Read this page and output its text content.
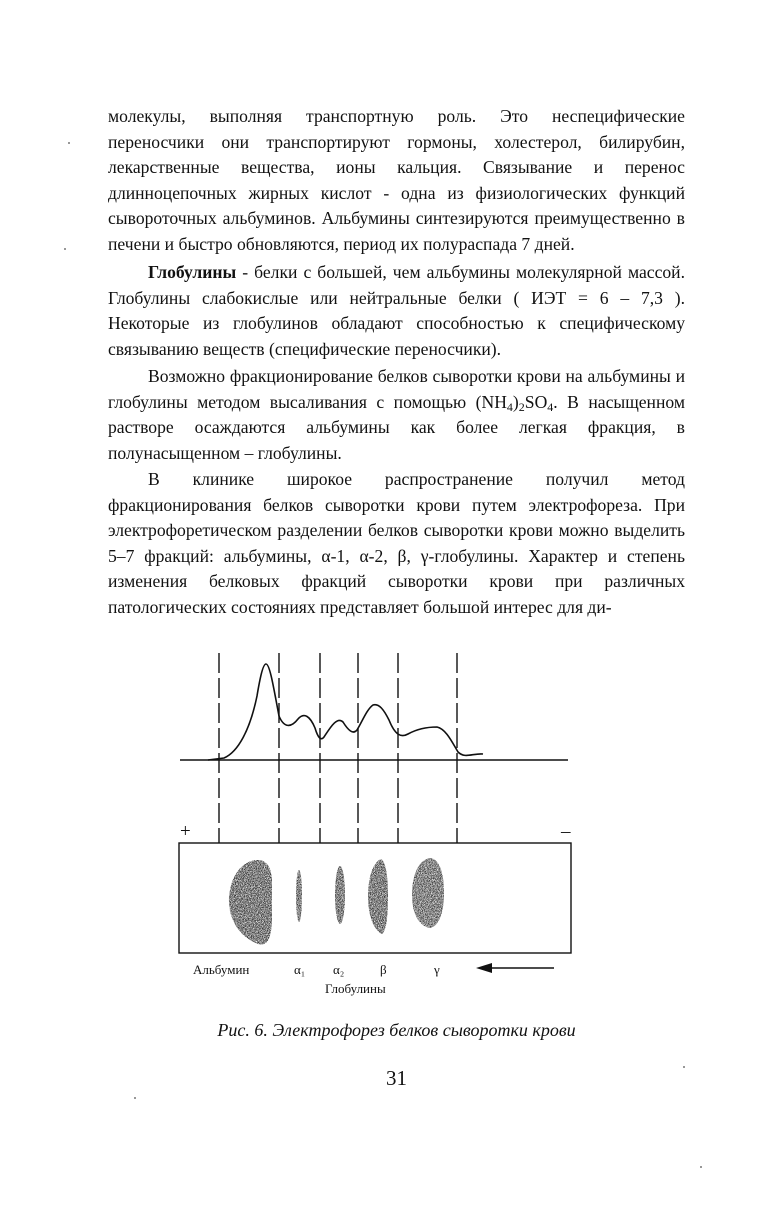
молекулы, выполняя транспортную роль. Это неспецифические переносчики они транспортируют гормоны, холестерол, билирубин, лекарственные вещества, ионы кальция. Связывание и перенос длинноцепочных жирных кислот - одна из физиологических функций сывороточных альбуминов. Альбумины синтезируются преимущественно в печени и быстро обновляются, период их полураспада 7 дней.

Глобулины - белки с большей, чем альбумины молекулярной массой. Глобулины слабокислые или нейтральные белки ( ИЭТ = 6 – 7,3 ). Некоторые из глобулинов обладают способностью к специфическому связыванию веществ (специфические переносчики).

Возможно фракционирование белков сыворотки крови на альбумины и глобулины методом высаливания с помощью $(NH_4)_2SO_4$. В насыщенном растворе осаждаются альбумины как более легкая фракция, в полунасыщенном – глобулины.

В клинике широкое распространение получил метод фракционирования белков сыворотки крови путем электрофореза. При электрофоретическом разделении белков сыворотки крови можно выделить 5–7 фракций: альбумины, α-1, α-2, β, γ-глобулины. Характер и степень изменения белковых фракций сыворотки крови при различных патологических состояниях представляет большой интерес для ди-

+	–
Альбумин	α₁ α₂	β	γ
Глобулины

Рис. 6. Электрофорез белков сыворотки крови

31
